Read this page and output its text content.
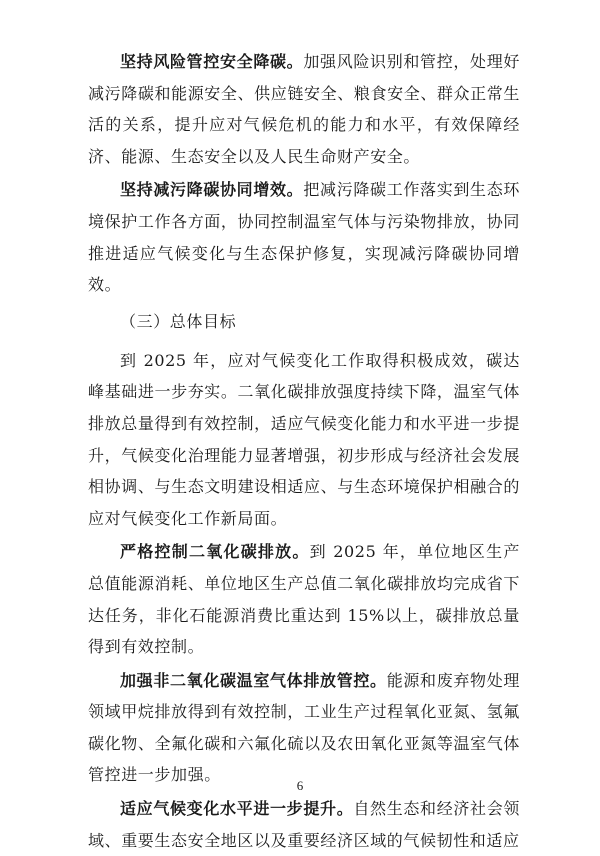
坚持风险管控安全降碳。加强风险识别和管控，处理好减污降碳和能源安全、供应链安全、粮食安全、群众正常生活的关系，提升应对气候危机的能力和水平，有效保障经济、能源、生态安全以及人民生命财产安全。

坚持减污降碳协同增效。把减污降碳工作落实到生态环境保护工作各方面，协同控制温室气体与污染物排放，协同推进适应气候变化与生态保护修复，实现减污降碳协同增效。

（三）总体目标

到 2025 年，应对气候变化工作取得积极成效，碳达峰基础进一步夯实。二氧化碳排放强度持续下降，温室气体排放总量得到有效控制，适应气候变化能力和水平进一步提升，气候变化治理能力显著增强，初步形成与经济社会发展相协调、与生态文明建设相适应、与生态环境保护相融合的应对气候变化工作新局面。

严格控制二氧化碳排放。到 2025 年，单位地区生产总值能源消耗、单位地区生产总值二氧化碳排放均完成省下达任务，非化石能源消费比重达到 15%以上，碳排放总量得到有效控制。

加强非二氧化碳温室气体排放管控。能源和废弃物处理领域甲烷排放得到有效控制，工业生产过程氧化亚氮、氢氟碳化物、全氟化碳和六氟化硫以及农田氧化亚氮等温室气体管控进一步加强。

适应气候变化水平进一步提升。自然生态和经济社会领域、重要生态安全地区以及重要经济区域的气候韧性和适应

6
